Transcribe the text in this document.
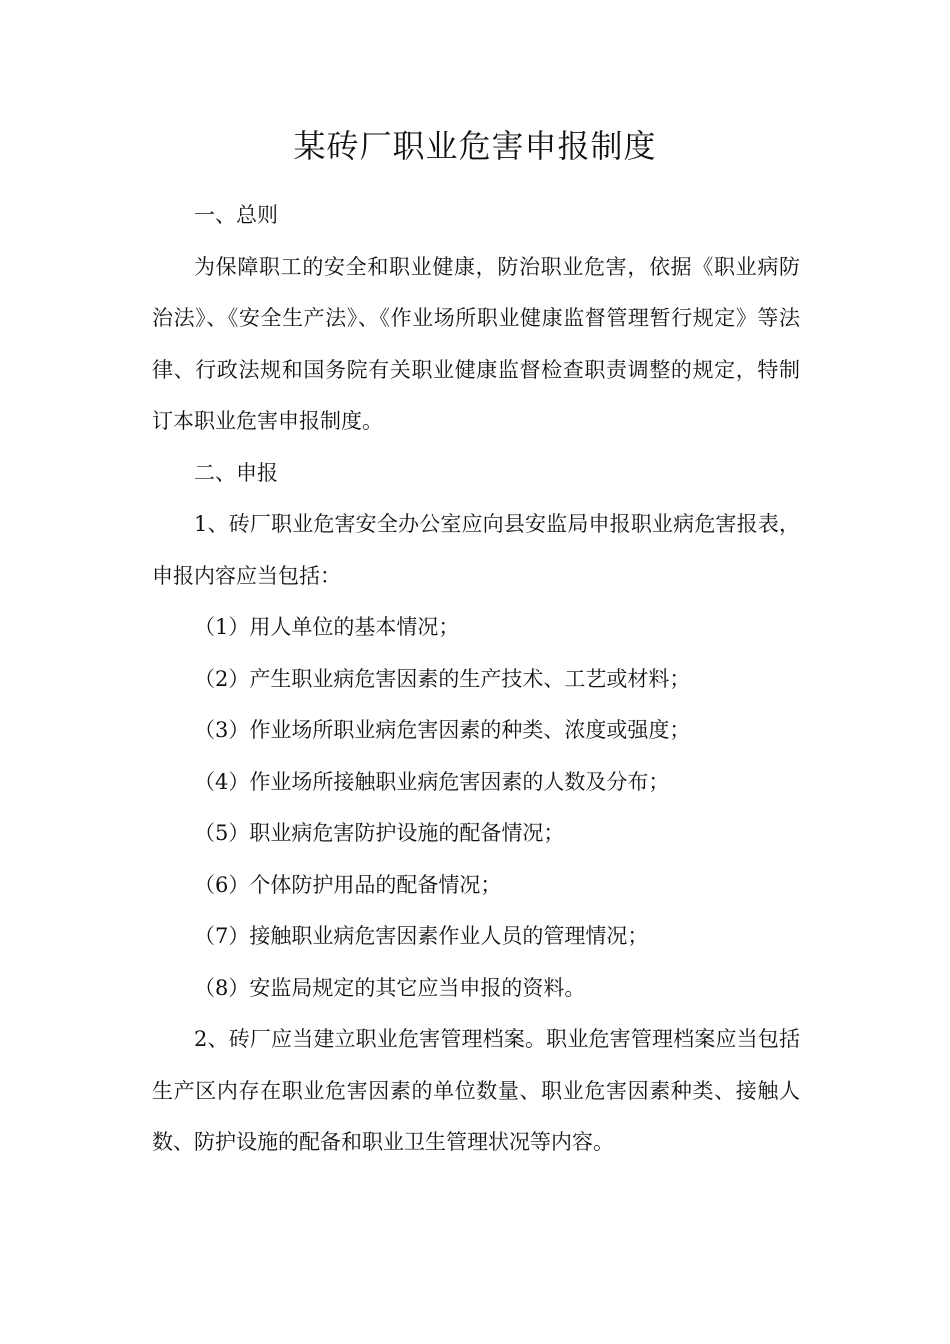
某砖厂职业危害申报制度

一、总则

为保障职工的安全和职业健康，防治职业危害，依据《职业病防治法》、《安全生产法》、《作业场所职业健康监督管理暂行规定》等法律、行政法规和国务院有关职业健康监督检查职责调整的规定，特制订本职业危害申报制度。

二、申报

1、砖厂职业危害安全办公室应向县安监局申报职业病危害报表，申报内容应当包括：

（1）用人单位的基本情况；

（2）产生职业病危害因素的生产技术、工艺或材料；

（3）作业场所职业病危害因素的种类、浓度或强度；

（4）作业场所接触职业病危害因素的人数及分布；

（5）职业病危害防护设施的配备情况；

（6）个体防护用品的配备情况；

（7）接触职业病危害因素作业人员的管理情况；

（8）安监局规定的其它应当申报的资料。

2、砖厂应当建立职业危害管理档案。职业危害管理档案应当包括生产区内存在职业危害因素的单位数量、职业危害因素种类、接触人数、防护设施的配备和职业卫生管理状况等内容。
